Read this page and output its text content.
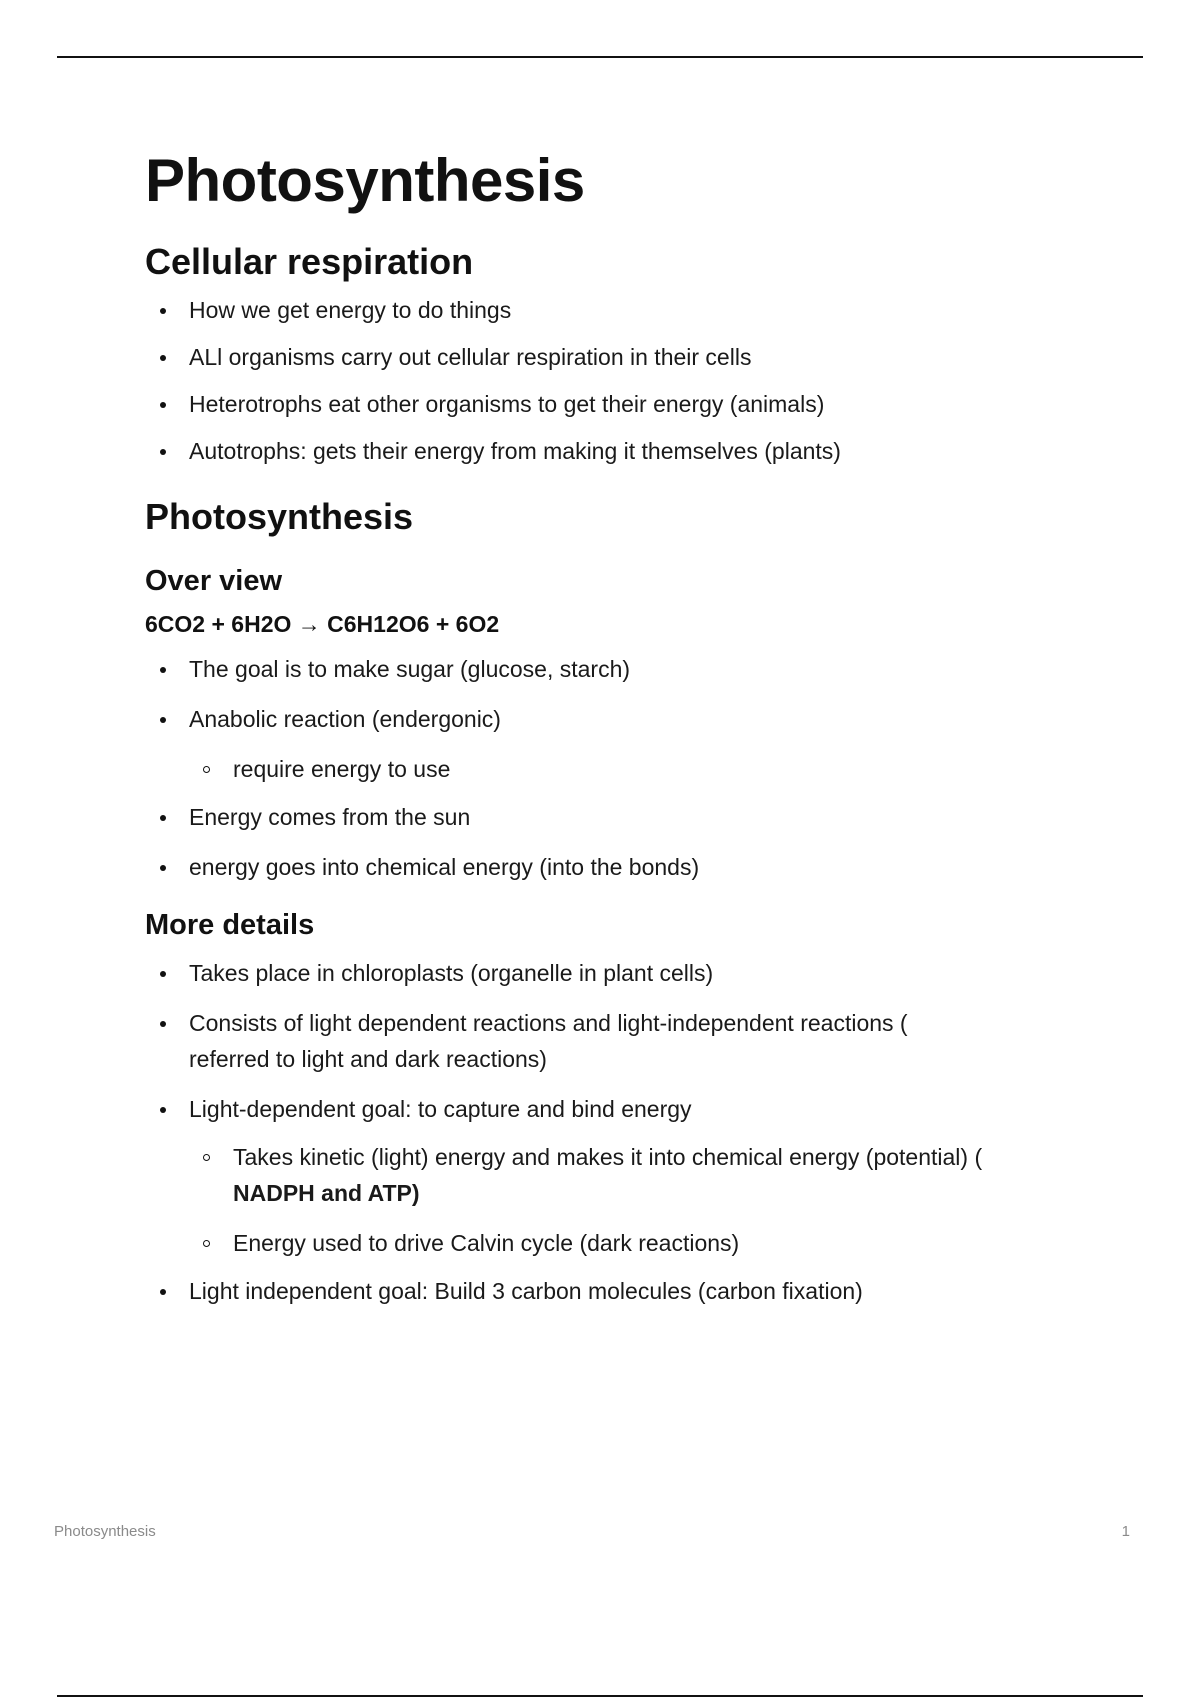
Photosynthesis
Cellular respiration
How we get energy to do things
ALl organisms carry out cellular respiration in their cells
Heterotrophs eat other organisms to get their energy (animals)
Autotrophs: gets their energy from making it themselves (plants)
Photosynthesis
Over view
6CO2 + 6H2O → C6H12O6 + 6O2
The goal is to make sugar (glucose, starch)
Anabolic reaction (endergonic)
require energy to use
Energy comes from the sun
energy goes into chemical energy (into the bonds)
More details
Takes place in chloroplasts (organelle in plant cells)
Consists of light dependent reactions and light-independent reactions (
referred to light and dark reactions)
Light-dependent goal: to capture and bind energy
Takes kinetic (light) energy and makes it into chemical energy (potential) (
NADPH and ATP)
Energy used to drive Calvin cycle (dark reactions)
Light independent goal: Build 3 carbon molecules (carbon fixation)
Photosynthesis	1
